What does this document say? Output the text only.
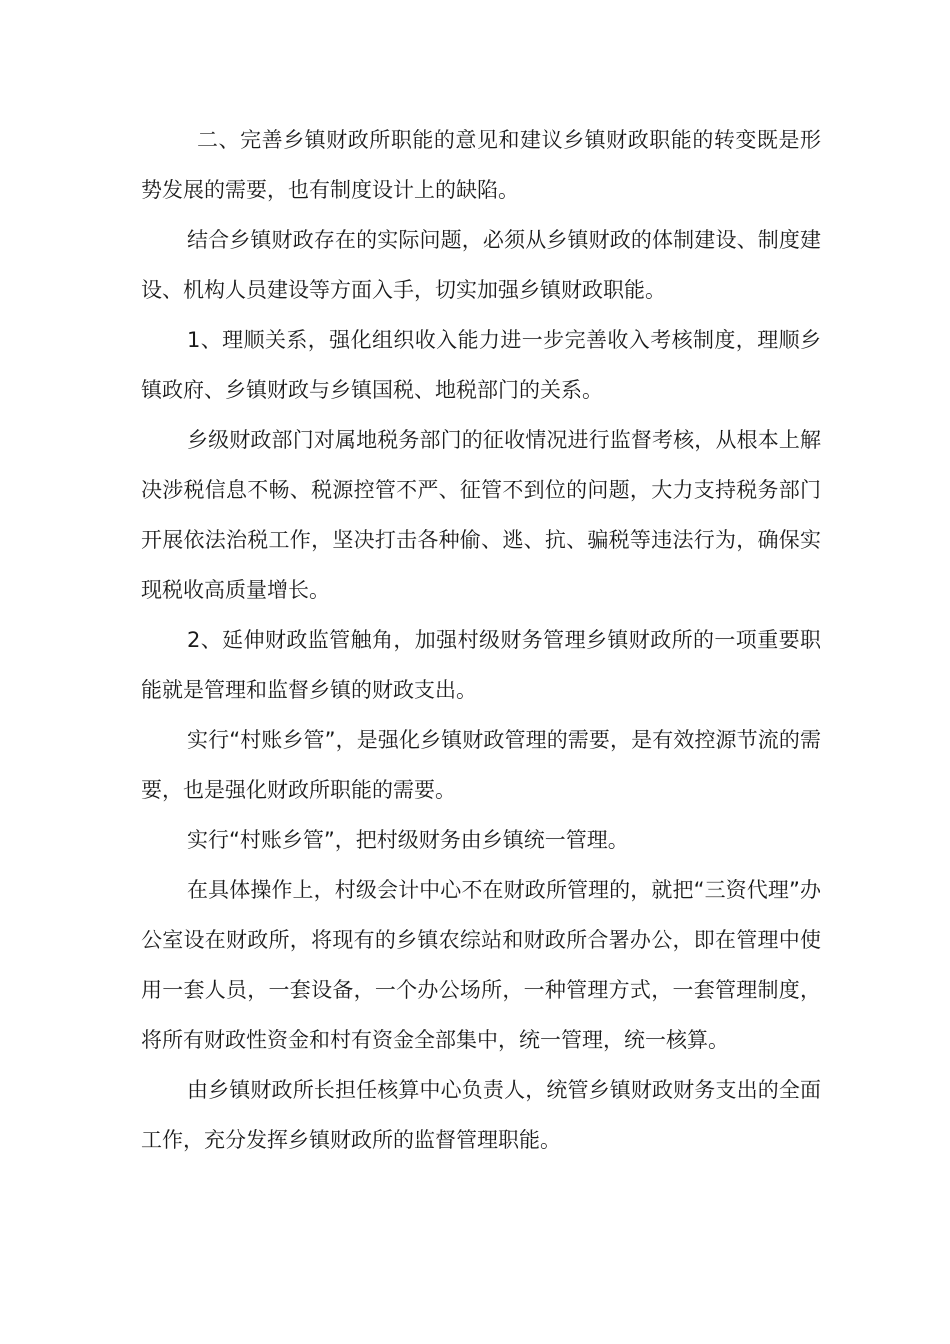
二、完善乡镇财政所职能的意见和建议乡镇财政职能的转变既是形势发展的需要，也有制度设计上的缺陷。

结合乡镇财政存在的实际问题，必须从乡镇财政的体制建设、制度建设、机构人员建设等方面入手，切实加强乡镇财政职能。

1、理顺关系，强化组织收入能力进一步完善收入考核制度，理顺乡镇政府、乡镇财政与乡镇国税、地税部门的关系。

乡级财政部门对属地税务部门的征收情况进行监督考核，从根本上解决涉税信息不畅、税源控管不严、征管不到位的问题，大力支持税务部门开展依法治税工作，坚决打击各种偷、逃、抗、骗税等违法行为，确保实现税收高质量增长。

2、延伸财政监管触角，加强村级财务管理乡镇财政所的一项重要职能就是管理和监督乡镇的财政支出。

实行“村账乡管”，是强化乡镇财政管理的需要，是有效控源节流的需要，也是强化财政所职能的需要。

实行“村账乡管”，把村级财务由乡镇统一管理。

在具体操作上，村级会计中心不在财政所管理的，就把“三资代理”办公室设在财政所，将现有的乡镇农综站和财政所合署办公，即在管理中使用一套人员，一套设备，一个办公场所，一种管理方式，一套管理制度，将所有财政性资金和村有资金全部集中，统一管理，统一核算。

由乡镇财政所长担任核算中心负责人，统管乡镇财政财务支出的全面工作，充分发挥乡镇财政所的监督管理职能。
